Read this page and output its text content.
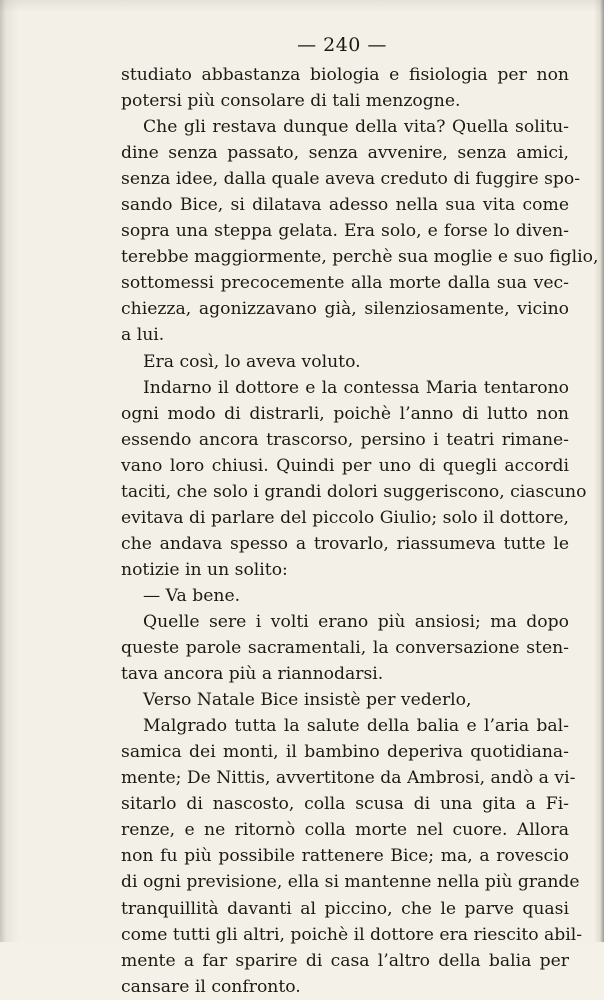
— 240 —
studiato abbastanza biologia e fisiologia per non
potersi più consolare di tali menzogne.
Che gli restava dunque della vita? Quella solitu-
dine senza passato, senza avvenire, senza amici,
senza idee, dalla quale aveva creduto di fuggire spo-
sando Bice, si dilatava adesso nella sua vita come
sopra una steppa gelata. Era solo, e forse lo diven-
terebbe maggiormente, perchè sua moglie e suo figlio,
sottomessi precocemente alla morte dalla sua vec-
chiezza, agonizzavano già, silenziosamente, vicino
a lui.
Era così, lo aveva voluto.
Indarno il dottore e la contessa Maria tentarono
ogni modo di distrarli, poichè l’anno di lutto non
essendo ancora trascorso, persino i teatri rimane-
vano loro chiusi. Quindi per uno di quegli accordi
taciti, che solo i grandi dolori suggeriscono, ciascuno
evitava di parlare del piccolo Giulio; solo il dottore,
che andava spesso a trovarlo, riassumeva tutte le
notizie in un solito:
— Va bene.
Quelle sere i volti erano più ansiosi; ma dopo
queste parole sacramentali, la conversazione sten-
tava ancora più a riannodarsi.
Verso Natale Bice insistè per vederlo,
Malgrado tutta la salute della balia e l’aria bal-
samica dei monti, il bambino deperiva quotidiana-
mente; De Nittis, avvertitone da Ambrosi, andò a vi-
sitarlo di nascosto, colla scusa di una gita a Fi-
renze, e ne ritornò colla morte nel cuore. Allora
non fu più possibile rattenere Bice; ma, a rovescio
di ogni previsione, ella si mantenne nella più grande
tranquillità davanti al piccino, che le parve quasi
come tutti gli altri, poichè il dottore era riescito abil-
mente a far sparire di casa l’altro della balia per
cansare il confronto.
